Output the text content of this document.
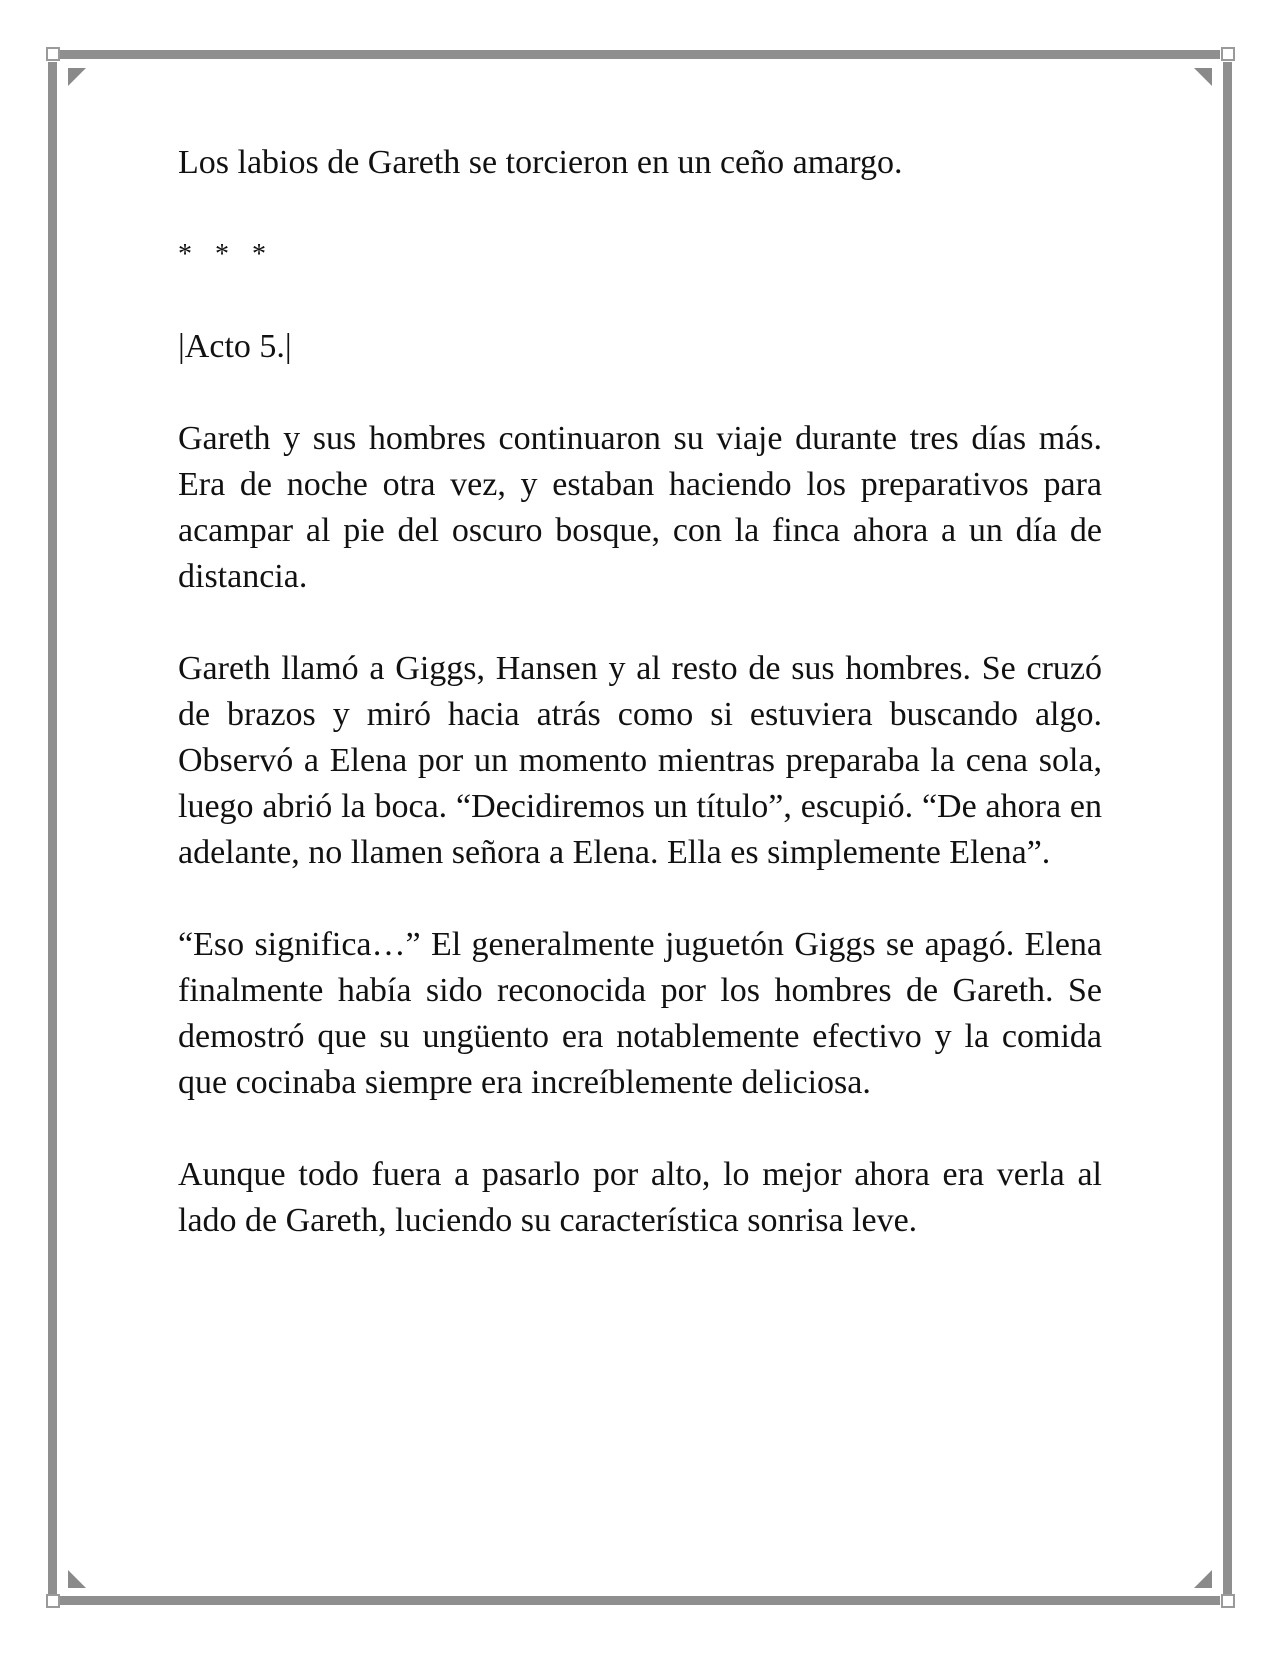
Los labios de Gareth se torcieron en un ceño amargo.

* * *

|Acto 5.|

Gareth y sus hombres continuaron su viaje durante tres días más. Era de noche otra vez, y estaban haciendo los preparativos para acampar al pie del oscuro bosque, con la finca ahora a un día de distancia.

Gareth llamó a Giggs, Hansen y al resto de sus hombres. Se cruzó de brazos y miró hacia atrás como si estuviera buscando algo. Observó a Elena por un momento mientras preparaba la cena sola, luego abrió la boca. “Decidiremos un título”, escupió. “De ahora en adelante, no llamen señora a Elena. Ella es simplemente Elena”.

“Eso significa…” El generalmente juguetón Giggs se apagó. Elena finalmente había sido reconocida por los hombres de Gareth. Se demostró que su ungüento era notablemente efectivo y la comida que cocinaba siempre era increíblemente deliciosa.

Aunque todo fuera a pasarlo por alto, lo mejor ahora era verla al lado de Gareth, luciendo su característica sonrisa leve.
